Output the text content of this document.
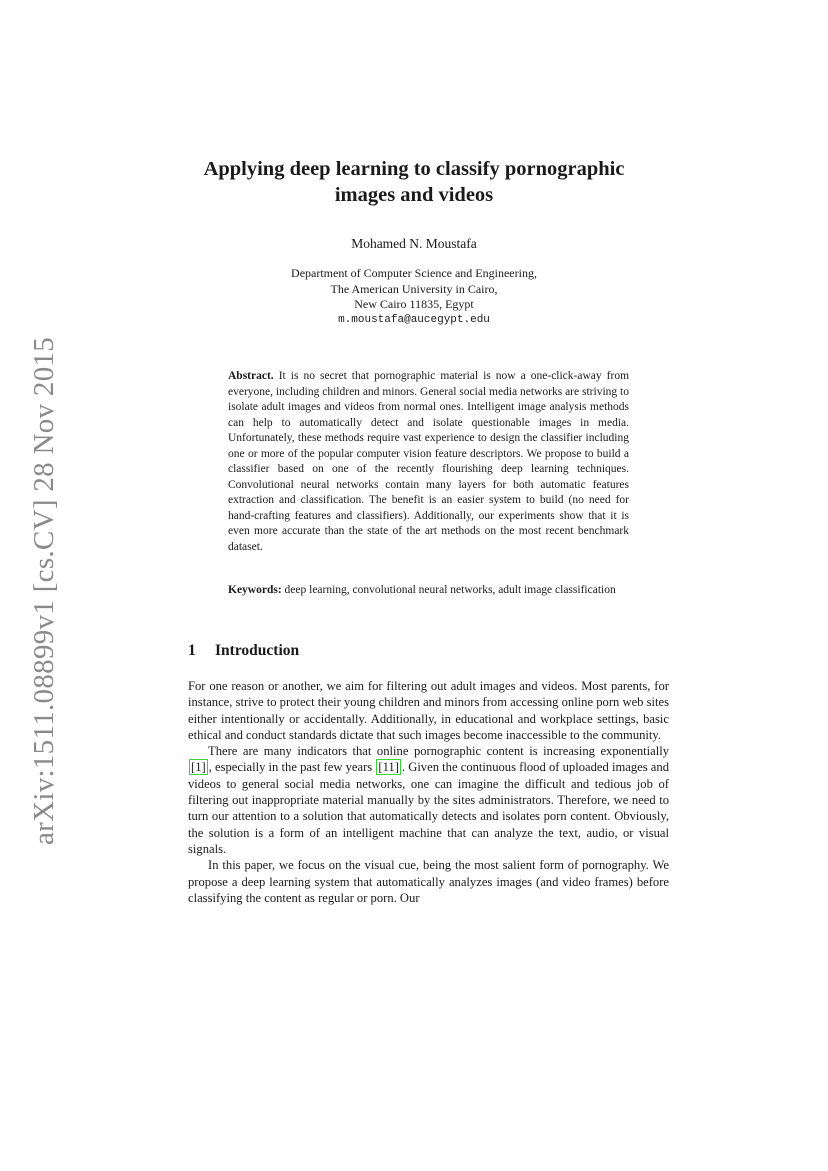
arXiv:1511.08899v1 [cs.CV] 28 Nov 2015
Applying deep learning to classify pornographic
images and videos
Mohamed N. Moustafa
Department of Computer Science and Engineering,
The American University in Cairo,
New Cairo 11835, Egypt
m.moustafa@aucegypt.edu
Abstract. It is no secret that pornographic material is now a one-click-away from everyone, including children and minors. General social media networks are striving to isolate adult images and videos from normal ones. Intelligent image analysis methods can help to automatically detect and isolate questionable images in media. Unfortunately, these methods require vast experience to design the classifier including one or more of the popular computer vision feature descriptors. We propose to build a classifier based on one of the recently flourishing deep learning techniques. Convolutional neural networks contain many layers for both automatic features extraction and classification. The benefit is an easier system to build (no need for hand-crafting features and classifiers). Additionally, our experiments show that it is even more accurate than the state of the art methods on the most recent benchmark dataset.
Keywords: deep learning, convolutional neural networks, adult image classification
1 Introduction

For one reason or another, we aim for filtering out adult images and videos. Most parents, for instance, strive to protect their young children and minors from accessing online porn web sites either intentionally or accidentally. Additionally, in educational and workplace settings, basic ethical and conduct standards dictate that such images become inaccessible to the community.

There are many indicators that online pornographic content is increasing exponentially [1] , especially in the past few years [11] . Given the continuous flood of uploaded images and videos to general social media networks, one can imagine the difficult and tedious job of filtering out inappropriate material manually by the sites administrators. Therefore, we need to turn our attention to a solution that automatically detects and isolates porn content. Obviously, the solution is a form of an intelligent machine that can analyze the text, audio, or visual signals.

In this paper, we focus on the visual cue, being the most salient form of pornography. We propose a deep learning system that automatically analyzes images (and video frames) before classifying the content as regular or porn. Our
